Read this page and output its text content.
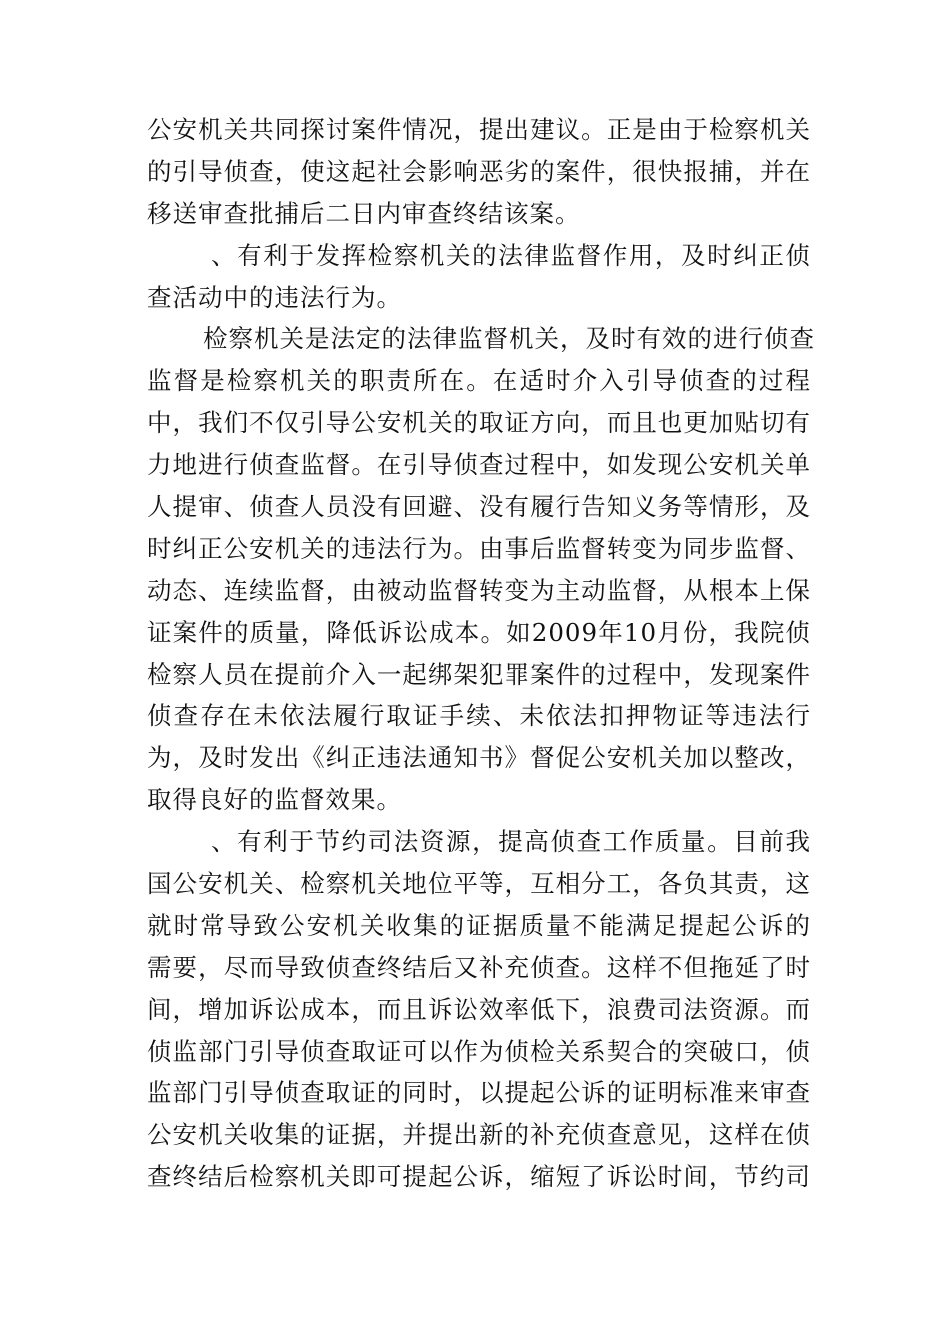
公安机关共同探讨案件情况，提出建议。正是由于检察机关
的引导侦查，使这起社会影响恶劣的案件，很快报捕，并在
移送审查批捕后二日内审查终结该案。
、有利于发挥检察机关的法律监督作用，及时纠正侦
查活动中的违法行为。
检察机关是法定的法律监督机关，及时有效的进行侦查
监督是检察机关的职责所在。在适时介入引导侦查的过程
中，我们不仅引导公安机关的取证方向，而且也更加贴切有
力地进行侦查监督。在引导侦查过程中，如发现公安机关单
人提审、侦查人员没有回避、没有履行告知义务等情形，及
时纠正公安机关的违法行为。由事后监督转变为同步监督、
动态、连续监督，由被动监督转变为主动监督，从根本上保
证案件的质量，降低诉讼成本。如2009年10月份，我院侦
检察人员在提前介入一起绑架犯罪案件的过程中，发现案件
侦查存在未依法履行取证手续、未依法扣押物证等违法行
为，及时发出《纠正违法通知书》督促公安机关加以整改，
取得良好的监督效果。
、有利于节约司法资源，提高侦查工作质量。目前我
国公安机关、检察机关地位平等，互相分工，各负其责，这
就时常导致公安机关收集的证据质量不能满足提起公诉的
需要，尽而导致侦查终结后又补充侦查。这样不但拖延了时
间，增加诉讼成本，而且诉讼效率低下，浪费司法资源。而
侦监部门引导侦查取证可以作为侦检关系契合的突破口，侦
监部门引导侦查取证的同时，以提起公诉的证明标准来审查
公安机关收集的证据，并提出新的补充侦查意见，这样在侦
查终结后检察机关即可提起公诉，缩短了诉讼时间，节约司
